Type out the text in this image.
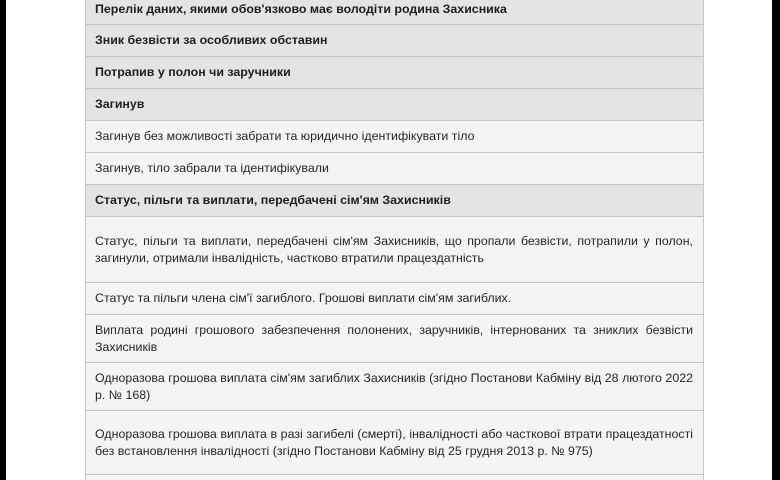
Перелік даних, якими обов'язково має володіти родина Захисника
Зник безвісти за особливих обставин
Потрапив у полон чи заручники
Загинув
Загинув без можливості забрати та юридично ідентифікувати тіло
Загинув, тіло забрали та ідентифікували
Статус, пільги та виплати, передбачені сім'ям Захисників
Статус, пільги та виплати, передбачені сім'ям Захисників, що пропали безвісти, потрапили у полон, загинули, отримали інвалідність, частково втратили працездатність
Статус та пільги члена сім'ї загиблого. Грошові виплати сім'ям загиблих.
Виплата родині грошового забезпечення полонених, заручників, інтернованих та зниклих безвісти Захисників
Одноразова грошова виплата сім'ям загиблих Захисників (згідно Постанови Кабміну від 28 лютого 2022 р. № 168)
Одноразова грошова виплата в разі загибелі (смерті), інвалідності або часткової втрати працездатності без встановлення інвалідності (згідно Постанови Кабміну від 25 грудня 2013 р. № 975)
